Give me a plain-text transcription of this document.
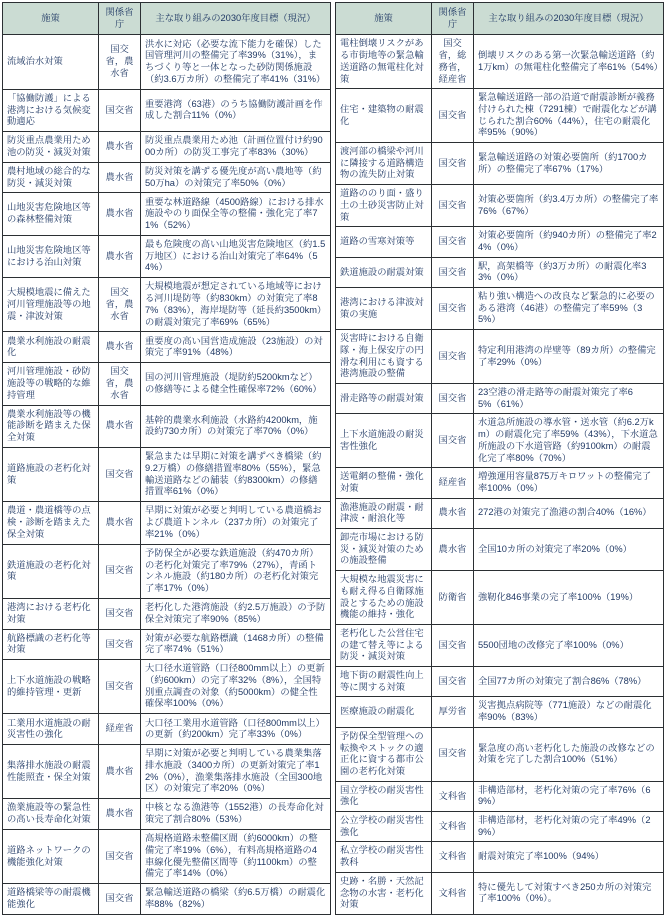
施策	関係省庁	主な取り組みの2030年度目標（現況）
流域治水対策	国交省，農水省	洪水に対応（必要な流下能力を確保）した国管理河川の整備完了率39%（31%），まちづくり等と一体となった砂防関係施設（約3.6万カ所）の整備完了率41%（31%）
「協働防護」による港湾における気候変動適応	国交省	重要港湾（63港）のうち協働防護計画を作成した割合11%（0%）
防災重点農業用ため池の防災・減災対策	農水省	防災重点農業用ため池（計画位置付け約9000カ所）の防災工事完了率83%（30%）
農村地域の総合的な防災・減災対策	農水省	防災対策を講ずる優先度が高い農地等（約50万ha）の対策完了率50%（0%）
山地災害危険地区等の森林整備対策	農水省	重要な林道路線（4500路線）における排水施設やのり面保全等の整備・強化完了率71%（52%）
山地災害危険地区等における治山対策	農水省	最も危険度の高い山地災害危険地区（約1.5万地区）における治山対策完了率64%（54%）
大規模地震に備えた河川管理施設等の地震・津波対策	国交省，農水省	大規模地震が想定されている地域等における河川堤防等（約830km）の対策完了率87%（83%），海岸堤防等（延長約3500km）の耐震対策完了率69%（65%）
農業水利施設の耐震化	農水省	重要度の高い国営造成施設（23施設）の対策完了率91%（48%）
河川管理施設・砂防施設等の戦略的な維持管理	国交省，農水省	国の河川管理施設（堤防約5200kmなど）の修繕等による健全性確保率72%（60%）
農業水利施設等の機能診断を踏まえた保全対策	農水省	基幹的農業水利施設（水路約4200km，施設約730カ所）の対策完了率70%（0%）
道路施設の老朽化対策	国交省	緊急または早期に対策を講ずべき橋梁（約9.2万橋）の修繕措置率80%（55%），緊急輸送道路などの舗装（約8300km）の修繕措置率61%（0%）
農道・農道橋等の点検・診断を踏まえた保全対策	農水省	早期に対策が必要と判明している農道橋および農道トンネル（237カ所）の対策完了率21%（0%）
鉄道施設の老朽化対策	国交省	予防保全が必要な鉄道施設（約470カ所）の老朽化対策完了率79%（27%），青函トンネル施設（約180カ所）の老朽化対策完了率17%（0%）
港湾における老朽化対策	国交省	老朽化した港湾施設（約2.5万施設）の予防保全対策完了率90%（85%）
航路標識の老朽化等対策	国交省	対策が必要な航路標識（1468カ所）の整備完了率74%（51%）
上下水道施設の戦略的維持管理・更新	国交省	大口径水道管路（口径800mm以上）の更新（約600km）の完了率32%（8%），全国特別重点調査の対象（約5000km）の健全性確保率100%（0%）
工業用水道施設の耐災害性の強化	経産省	大口径工業用水道管路（口径800mm以上）の更新（約200km）完了率33%（0%）
集落排水施設の耐震性能照査・保全対策	農水省	早期に対策が必要と判明している農業集落排水施設（3400カ所）の更新対策完了率12%（0%），漁業集落排水施設（全国300地区）の対策完了率20%（0%）
漁業施設等の緊急性の高い長寿命化対策	農水省	中核となる漁港等（1552港）の長寿命化対策完了割合80%（53%）
道路ネットワークの機能強化対策	国交省	高規格道路未整備区間（約6000km）の整備完了率19%（6%），有料高規格道路の4車線化優先整備区間等（約1100km）の整備完了率14%（0%）
道路橋梁等の耐震機能強化	国交省	緊急輸送道路の橋梁（約6.5万橋）の耐震化率88%（82%）
施策	関係省庁	主な取り組みの2030年度目標（現況）
電柱倒壊リスクがある市街地等の緊急輸送道路の無電柱化対策	国交省，総務省，経産省	倒壊リスクのある第一次緊急輸送道路（約1万km）の無電柱化整備完了率61%（54%）
住宅・建築物の耐震化	国交省	緊急輸送道路一部の沿道で耐震診断が義務付けられた棟（7291棟）で耐震化などが講じられた割合60%（44%），住宅の耐震化率95%（90%）
渡河部の橋梁や河川に隣接する道路構造物の流失防止対策	国交省	緊急輸送道路の対策必要箇所（約1700カ所）の整備完了率67%（17%）
道路ののり面・盛り土の土砂災害防止対策	国交省	対策必要箇所（約3.4万カ所）の整備完了率76%（67%）
道路の雪寒対策等	国交省	対策必要箇所（約940カ所）の整備完了率24%（0%）
鉄道施設の耐震対策	国交省	駅，高架橋等（約3万カ所）の耐震化率33%（0%）
港湾における津波対策の実施	国交省	粘り強い構造への改良など緊急的に必要のある港湾（46港）の整備完了率59%（35%）
災害時における自衛隊・海上保安庁の円滑な利用にも資する港湾施設の整備	国交省	特定利用港湾の岸壁等（89カ所）の整備完了率29%（0%）
滑走路等の耐震対策	国交省	23空港の滑走路等の耐震対策完了率65%（61%）
上下水道施設の耐災害性強化	国交省	水道急所施設の導水管・送水管（約6.2万km）の耐震化完了率59%（43%），下水道急所施設の下水道管路（約9100km）の耐震化完了率80%（70%）
送電網の整備・強化対策	経産省	増強運用容量875万キロワットの整備完了率100%（0%）
漁港施設の耐震・耐津波・耐浪化等	農水省	272港の対策完了漁港の割合40%（16%）
卸売市場における防災・減災対策のための施設整備	農水省	全国10カ所の対策完了率20%（0%）
大規模な地震災害にも耐え得る自衛隊施設とするための施設機能の維持・強化	防衛省	強靭化846事業の完了率100%（19%）
老朽化した公営住宅の建て替え等による防災・減災対策	国交省	5500団地の改修完了率100%（0%）
地下街の耐震性向上等に関する対策	国交省	全国77カ所の対策完了割合86%（78%）
医療施設の耐震化	厚労省	災害拠点病院等（771施設）などの耐震化率90%（83%）
予防保全型管理への転換やストックの適正化に資する都市公園の老朽化対策	国交省	緊急度の高い老朽化した施設の改修などの対策を完了した割合100%（51%）
国立学校の耐災害性強化	文科省	非構造部材，老朽化対策の完了率76%（69%）
公立学校の耐災害性強化	文科省	非構造部材，老朽化対策の完了率49%（29%）
私立学校の耐災害性教科	文科省	耐震対策完了率100%（94%）
史跡・名勝・天然記念物の水害・老朽化対策	文科省	特に優先して対策すべき250カ所の対策完了率100%（0%）。
